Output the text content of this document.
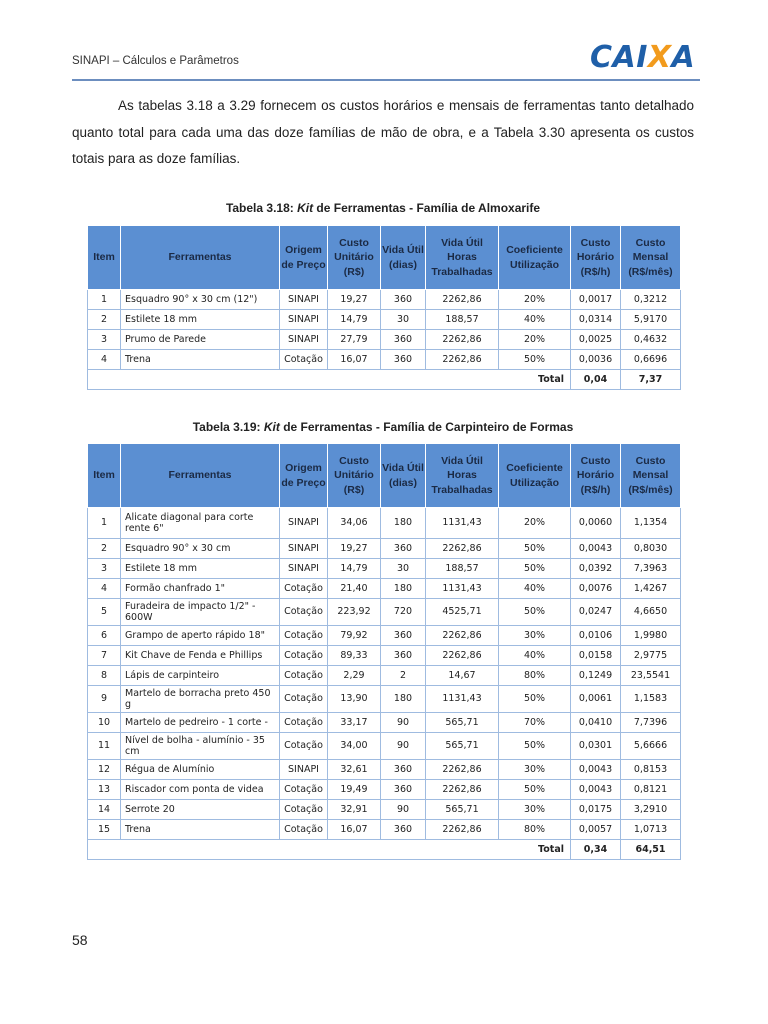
SINAPI – Cálculos e Parâmetros	CAIXA

As tabelas 3.18 a 3.29 fornecem os custos horários e mensais de ferramentas tanto detalhado quanto total para cada uma das doze famílias de mão de obra, e a Tabela 3.30 apresenta os custos totais para as doze famílias.

Tabela 3.18: Kit de Ferramentas - Família de Almoxarife
Item	Ferramentas	Origem de Preço	Custo Unitário (R$)	Vida Útil (dias)	Vida Útil Horas Trabalhadas	Coeficiente Utilização	Custo Horário (R$/h)	Custo Mensal (R$/mês)
1	Esquadro 90° x 30 cm (12")	SINAPI	19,27	360	2262,86	20%	0,0017	0,3212
2	Estilete 18 mm	SINAPI	14,79	30	188,57	40%	0,0314	5,9170
3	Prumo de Parede	SINAPI	27,79	360	2262,86	20%	0,0025	0,4632
4	Trena	Cotação	16,07	360	2262,86	50%	0,0036	0,6696
Total							0,04	7,37
Tabela 3.19: Kit de Ferramentas - Família de Carpinteiro de Formas
Item	Ferramentas	Origem de Preço	Custo Unitário (R$)	Vida Útil (dias)	Vida Útil Horas Trabalhadas	Coeficiente Utilização	Custo Horário (R$/h)	Custo Mensal (R$/mês)
1	Alicate diagonal para corte rente 6"	SINAPI	34,06	180	1131,43	20%	0,0060	1,1354
2	Esquadro 90° x 30 cm	SINAPI	19,27	360	2262,86	50%	0,0043	0,8030
3	Estilete 18 mm	SINAPI	14,79	30	188,57	50%	0,0392	7,3963
4	Formão chanfrado 1"	Cotação	21,40	180	1131,43	40%	0,0076	1,4267
5	Furadeira de impacto 1/2" - 600W	Cotação	223,92	720	4525,71	50%	0,0247	4,6650
6	Grampo de aperto rápido 18"	Cotação	79,92	360	2262,86	30%	0,0106	1,9980
7	Kit Chave de Fenda e Phillips	Cotação	89,33	360	2262,86	40%	0,0158	2,9775
8	Lápis de carpinteiro	Cotação	2,29	2	14,67	80%	0,1249	23,5541
9	Martelo de borracha preto 450 g	Cotação	13,90	180	1131,43	50%	0,0061	1,1583
10	Martelo de pedreiro - 1 corte -	Cotação	33,17	90	565,71	70%	0,0410	7,7396
11	Nível de bolha - alumínio - 35 cm	Cotação	34,00	90	565,71	50%	0,0301	5,6666
12	Régua de Alumínio	SINAPI	32,61	360	2262,86	30%	0,0043	0,8153
13	Riscador com ponta de videa	Cotação	19,49	360	2262,86	50%	0,0043	0,8121
14	Serrote 20	Cotação	32,91	90	565,71	30%	0,0175	3,2910
15	Trena	Cotação	16,07	360	2262,86	80%	0,0057	1,0713
Total							0,34	64,51
58
